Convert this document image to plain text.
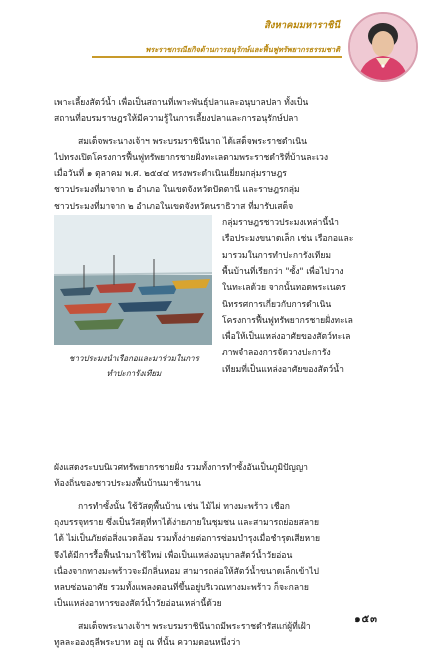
สิงหาคมมหาราชินี
พระราชกรณียกิจด้านการอนุรักษ์และฟื้นฟูทรัพยากรธรรมชาติ
เพาะเลี้ยงสัตว์น้ำ เพื่อเป็นสถานที่เพาะพันธุ์ปลาและอนุบาลปลา ทั้งเป็น
สถานที่อบรมราษฎรให้มีความรู้ในการเลี้ยงปลาและการอนุรักษ์ปลา
สมเด็จพระนางเจ้าฯ พระบรมราชินีนาถ ได้เสด็จพระราชดำเนิน
ไปทรงเปิดโครงการฟื้นฟูทรัพยากรชายฝั่งทะเลตามพระราชดำริที่บ้านละเวง
เมื่อวันที่ ๑ ตุลาคม พ.ศ. ๒๕๔๔ ทรงพระดำเนินเยี่ยมกลุ่มราษฎร
ชาวประมงที่มาจาก ๒ อำเภอ ในเขตจังหวัดปัตตานี และราษฎรกลุ่ม
ชาวประมงที่มาจาก ๒ อำเภอในเขตจังหวัดนราธิวาส ที่มารับเสด็จ
ชาวประมงนำเรือกอและมาร่วมในการ
ทำปะการังเทียม
กลุ่มราษฎรชาวประมงเหล่านี้นำ
เรือประมงขนาดเล็ก เช่น เรือกอและ
มารวมในการทำปะการังเทียม
พื้นบ้านที่เรียกว่า "ซั้ง" เพื่อไปวาง
ในทะเลด้วย จากนั้นทอดพระเนตร
นิทรรศการเกี่ยวกับการดำเนิน
โครงการฟื้นฟูทรัพยากรชายฝั่งทะเล
เพื่อให้เป็นแหล่งอาศัยของสัตว์ทะเล
ภาพจำลองการจัดวางปะการัง
เทียมที่เป็นแหล่งอาศัยของสัตว์น้ำ
ผังแสดงระบบนิเวศทรัพยากรชายฝั่ง รวมทั้งการทำซั้งอันเป็นภูมิปัญญา
ท้องถิ่นของชาวประมงพื้นบ้านมาช้านาน
การทำซั้งนั้น ใช้วัสดุพื้นบ้าน เช่น ไม้ไผ่ ทางมะพร้าว เชือก
ถุงบรรจุทราย ซึ่งเป็นวัสดุที่หาได้ง่ายภายในชุมชน และสามารถย่อยสลาย
ได้ ไม่เป็นภัยต่อสิ่งแวดล้อม รวมทั้งง่ายต่อการซ่อมบำรุงเมื่อชำรุดเสียหาย
จึงได้มีการรื้อฟื้นนำมาใช้ใหม่ เพื่อเป็นแหล่งอนุบาลสัตว์น้ำวัยอ่อน
เนื่องจากทางมะพร้าวจะมีกลิ่นหอม สามารถล่อให้สัตว์น้ำขนาดเล็กเข้าไป
หลบซ่อนอาศัย รวมทั้งแพลงตอนที่ขึ้นอยู่บริเวณทางมะพร้าว ก็จะกลาย
เป็นแหล่งอาหารของสัตว์น้ำวัยอ่อนเหล่านี้ด้วย
สมเด็จพระนางเจ้าฯ พระบรมราชินีนาถมีพระราชดำรัสแก่ผู้ที่เฝ้า
ทูลละอองธุลีพระบาท อยู่ ณ ที่นั้น ความตอนหนึ่งว่า
๑๕๓
